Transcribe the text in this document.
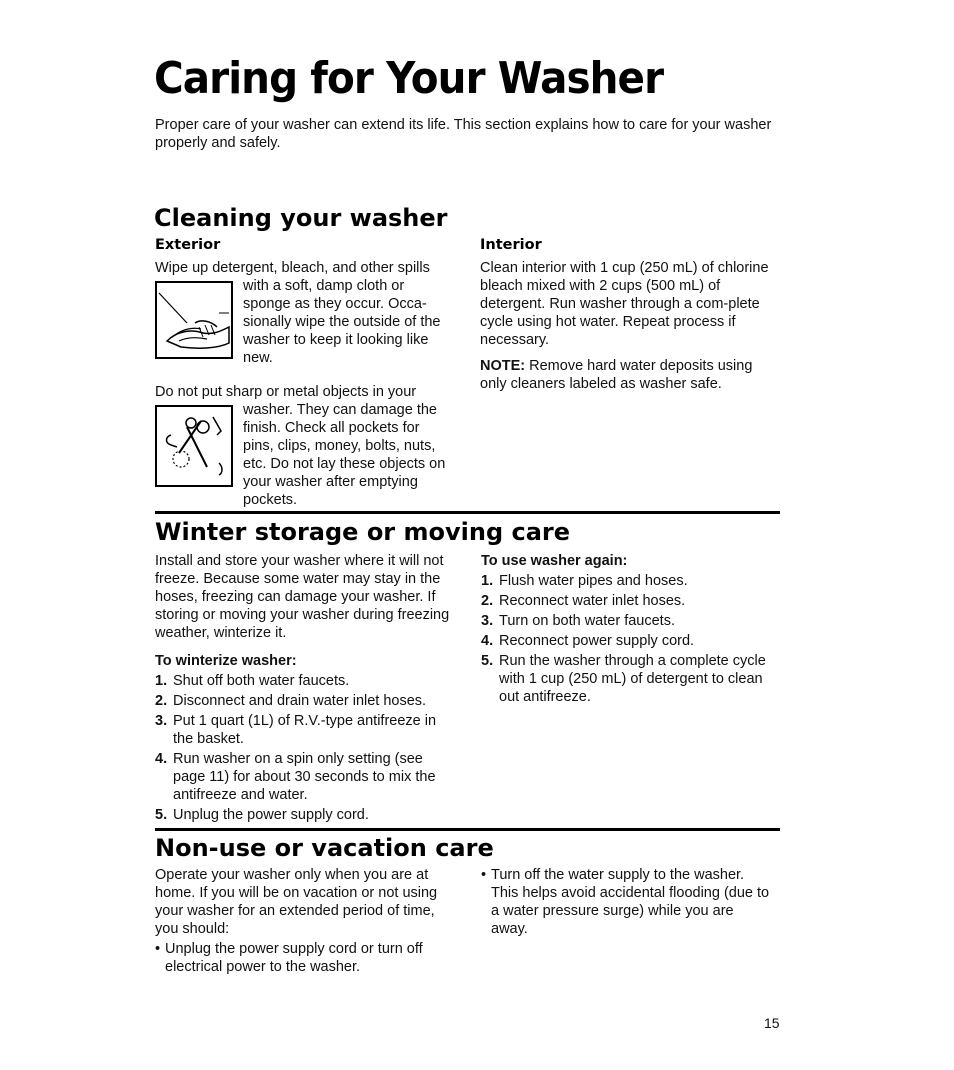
Caring for Your Washer

Proper care of your washer can extend its life. This section explains how to care for your washer properly and safely.

Cleaning your washer
Exterior

Wipe up detergent, bleach, and other spills

with a soft, damp cloth or sponge as they occur. Occa-sionally wipe the outside of the washer to keep it looking like new.

Do not put sharp or metal objects in your

washer. They can damage the finish. Check all pockets for pins, clips, money, bolts, nuts, etc. Do not lay these objects on your washer after emptying pockets.

Interior

Clean interior with 1 cup (250 mL) of chlorine bleach mixed with 2 cups (500 mL) of detergent. Run washer through a com-plete cycle using hot water. Repeat process if necessary.

NOTE: Remove hard water deposits using only cleaners labeled as washer safe.

Winter storage or moving care

Install and store your washer where it will not freeze. Because some water may stay in the hoses, freezing can damage your washer. If storing or moving your washer during freezing weather, winterize it.

To winterize washer:

1. Shut off both water faucets.
2. Disconnect and drain water inlet hoses.
3. Put 1 quart (1L) of R.V.-type antifreeze in the basket.
4. Run washer on a spin only setting (see page 11) for about 30 seconds to mix the antifreeze and water.
5. Unplug the power supply cord.

To use washer again:

1. Flush water pipes and hoses.
2. Reconnect water inlet hoses.
3. Turn on both water faucets.
4. Reconnect power supply cord.
5. Run the washer through a complete cycle with 1 cup (250 mL) of detergent to clean out antifreeze.
Non-use or vacation care

Operate your washer only when you are at home. If you will be on vacation or not using your washer for an extended period of time, you should:

• Unplug the power supply cord or turn off electrical power to the washer.
• Turn off the water supply to the washer. This helps avoid accidental flooding (due to a water pressure surge) while you are away.
15
